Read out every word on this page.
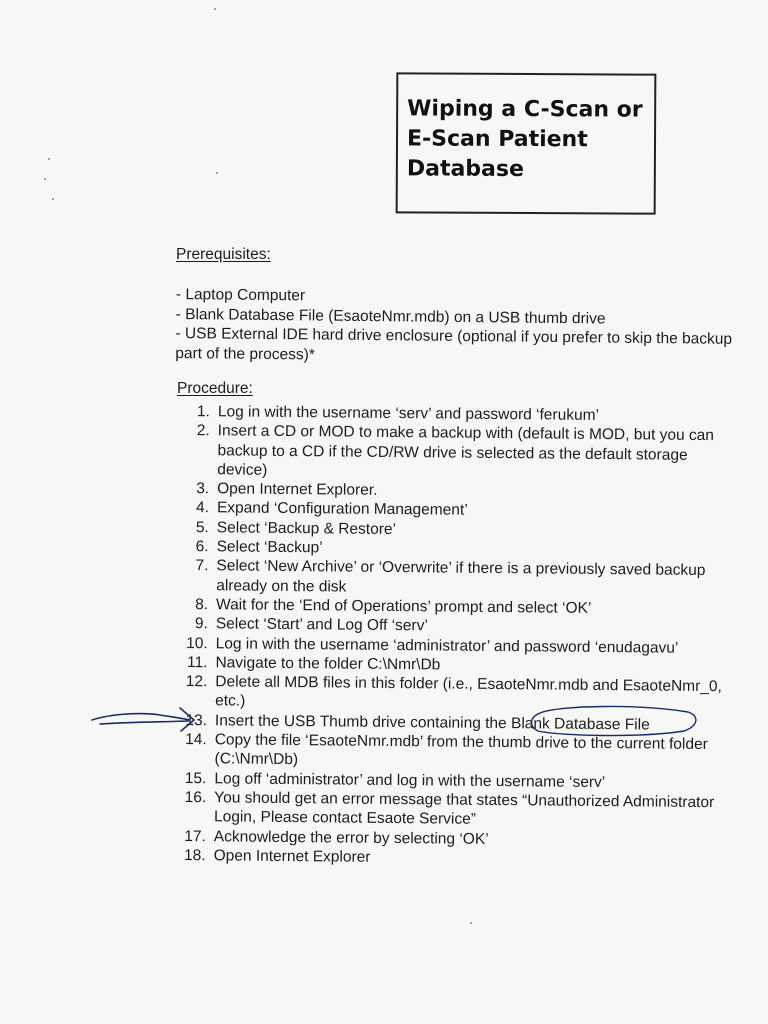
Wiping a C-Scan or E-Scan Patient Database
Prerequisites:

- Laptop Computer

- Blank Database File (EsaoteNmr.mdb) on a USB thumb drive

- USB External IDE hard drive enclosure (optional if you prefer to skip the backup part of the process)*

Procedure:

1. Log in with the username ‘serv’ and password ‘ferukum’

2. Insert a CD or MOD to make a backup with (default is MOD, but you can backup to a CD if the CD/RW drive is selected as the default storage device)

3. Open Internet Explorer.

4. Expand ‘Configuration Management’

5. Select ‘Backup & Restore’

6. Select ‘Backup’

7. Select ‘New Archive’ or ‘Overwrite’ if there is a previously saved backup already on the disk

8. Wait for the ‘End of Operations’ prompt and select ‘OK’

9. Select ‘Start’ and Log Off ‘serv’

10. Log in with the username ‘administrator’ and password ‘enudagavu’

11. Navigate to the folder C:\Nmr\Db

12. Delete all MDB files in this folder (i.e., EsaoteNmr.mdb and EsaoteNmr_0, etc.)

13. Insert the USB Thumb drive containing the Blank Database File

14. Copy the file ‘EsaoteNmr.mdb’ from the thumb drive to the current folder (C:\Nmr\Db)

15. Log off ‘administrator’ and log in with the username ‘serv’

16. You should get an error message that states “Unauthorized Administrator Login, Please contact Esaote Service”

17. Acknowledge the error by selecting ‘OK’

18. Open Internet Explorer
